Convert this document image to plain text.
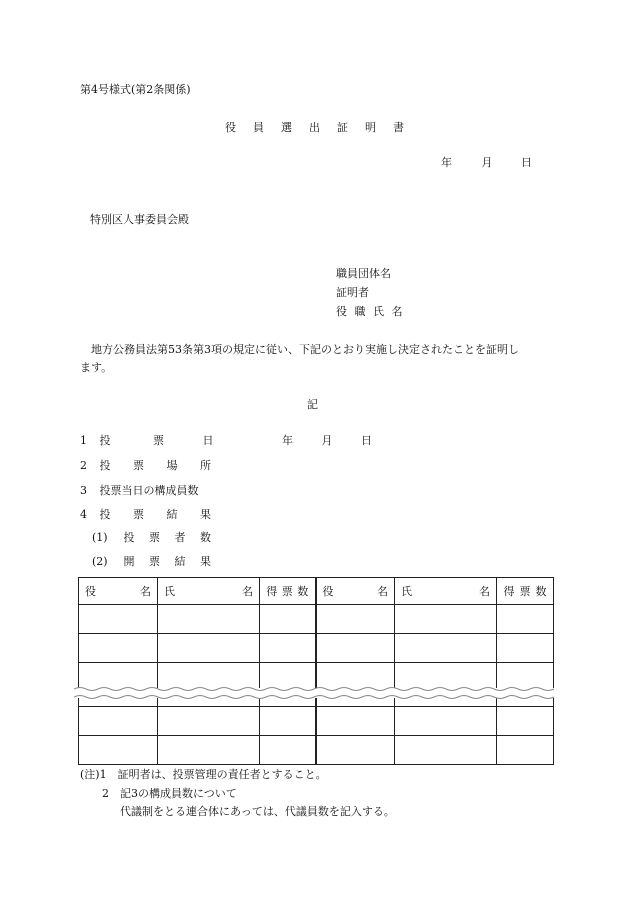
第4号様式(第2条関係)
役	員	選	出	証	明	書
年	月	日
特別区人事委員会殿
職員団体名
証明者
役 職 氏 名
地方公務員法第53条第3項の規定に従い、下記のとおり実施し決定されたことを証明し
ます。
記
1 投	票	日	年	月	日
2 投 票 場 所
3 投票当日の構成員数
4 投 票 結 果
(1) 投 票 者 数
(2) 開 票 結 果
役 名	氏 名	得 票 数	役 名	氏 名	得 票 数

(注)1 証明者は、投票管理の責任者とすること。
2 記3の構成員数について
代議制をとる連合体にあっては、代議員数を記入する。
